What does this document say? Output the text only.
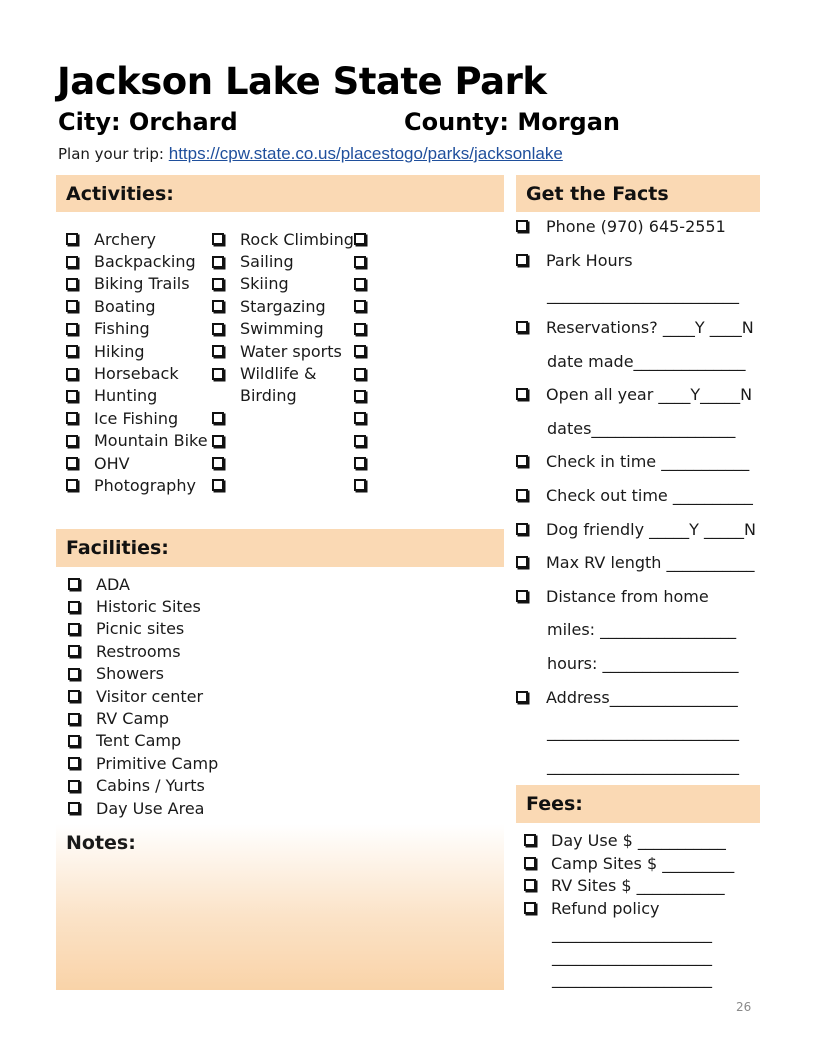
Jackson Lake State Park
City: Orchard	County: Morgan
Plan your trip: https://cpw.state.co.us/placestogo/parks/jacksonlake
Activities:	Get the Facts
Facilities:
Fees:
Notes:
Archery
Backpacking
Biking Trails
Boating
Fishing
Hiking
Horseback
Hunting
Ice Fishing
Mountain Bike
OHV
Photography
Rock Climbing
Sailing
Skiing
Stargazing
Swimming
Water sports
Wildlife &
Birding
ADA
Historic Sites
Picnic sites
Restrooms
Showers
Visitor center
RV Camp
Tent Camp
Primitive Camp
Cabins / Yurts
Day Use Area
Phone (970) 645-2551
Park Hours
________________________
Reservations? ____Y ____N
date made______________
Open all year ____Y_____N
dates__________________
Check in time ___________
Check out time __________
Dog friendly _____Y _____N
Max RV length ___________
Distance from home
miles: _________________
hours: _________________
Address________________
________________________
________________________
Day Use $ ___________
Camp Sites $ _________
RV Sites $ ___________
Refund policy
____________________
____________________
____________________
26
